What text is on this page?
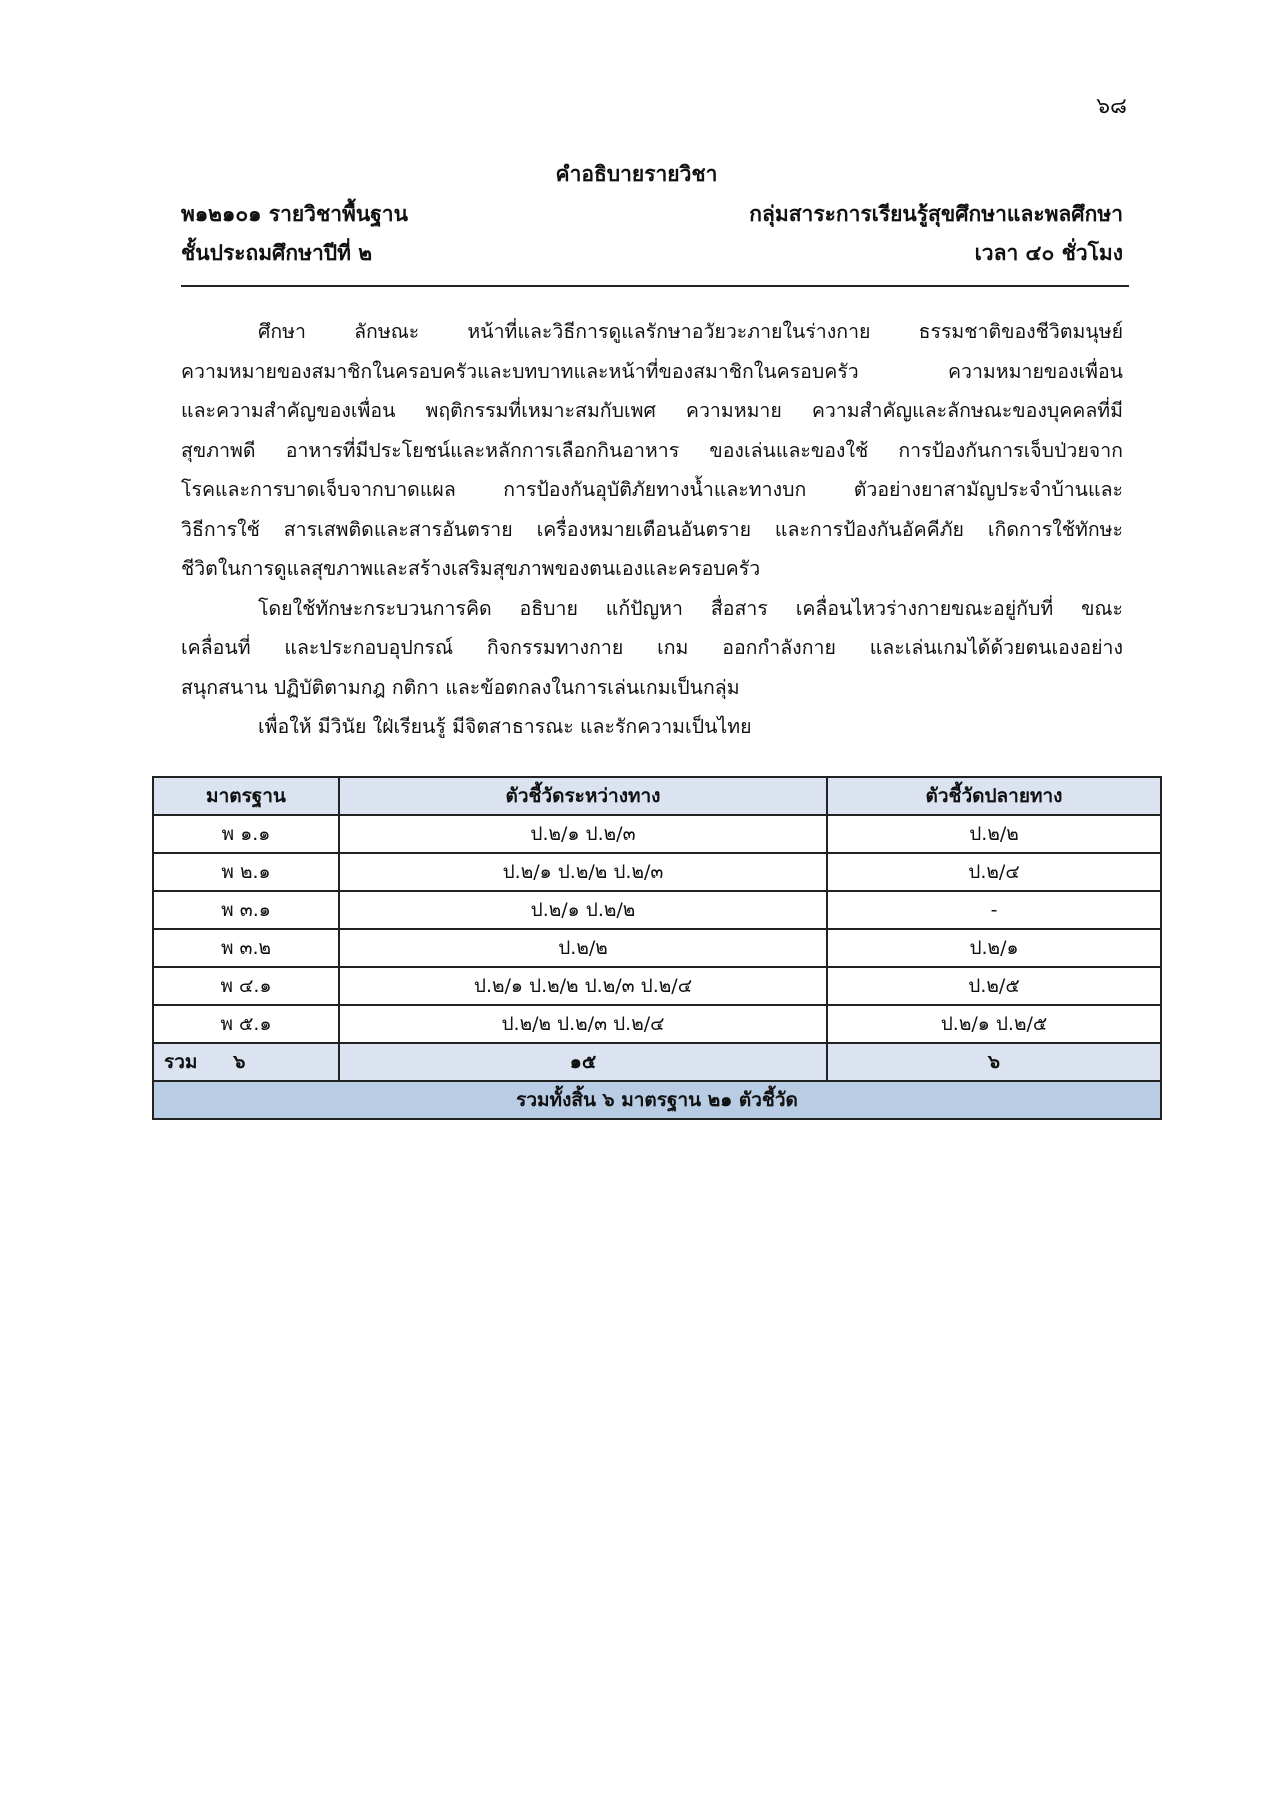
๖๘
คำอธิบายรายวิชา
พ๑๒๑๐๑ รายวิชาพื้นฐาน	กลุ่มสาระการเรียนรู้สุขศึกษาและพลศึกษา
ชั้นประถมศึกษาปีที่ ๒	เวลา ๔๐ ชั่วโมง
ศึกษา ลักษณะ หน้าที่และวิธีการดูแลรักษาอวัยวะภายในร่างกาย ธรรมชาติของชีวิตมนุษย์
ความหมายของสมาชิกในครอบครัวและบทบาทและหน้าที่ของสมาชิกในครอบครัว ความหมายของเพื่อน
และความสำคัญของเพื่อน พฤติกรรมที่เหมาะสมกับเพศ ความหมาย ความสำคัญและลักษณะของบุคคลที่มี
สุขภาพดี อาหารที่มีประโยชน์และหลักการเลือกกินอาหาร ของเล่นและของใช้ การป้องกันการเจ็บป่วยจาก
โรคและการบาดเจ็บจากบาดแผล การป้องกันอุบัติภัยทางน้ำและทางบก ตัวอย่างยาสามัญประจำบ้านและ
วิธีการใช้ สารเสพติดและสารอันตราย เครื่องหมายเตือนอันตราย และการป้องกันอัคคีภัย เกิดการใช้ทักษะ
ชีวิตในการดูแลสุขภาพและสร้างเสริมสุขภาพของตนเองและครอบครัว
โดยใช้ทักษะกระบวนการคิด อธิบาย แก้ปัญหา สื่อสาร เคลื่อนไหวร่างกายขณะอยู่กับที่ ขณะ
เคลื่อนที่ และประกอบอุปกรณ์ กิจกรรมทางกาย เกม ออกกำลังกาย และเล่นเกมได้ด้วยตนเองอย่าง
สนุกสนาน ปฏิบัติตามกฎ กติกา และข้อตกลงในการเล่นเกมเป็นกลุ่ม
เพื่อให้ มีวินัย ใฝ่เรียนรู้ มีจิตสาธารณะ และรักความเป็นไทย
มาตรฐาน	ตัวชี้วัดระหว่างทาง	ตัวชี้วัดปลายทาง
พ ๑.๑	ป.๒/๑ ป.๒/๓	ป.๒/๒
พ ๒.๑	ป.๒/๑ ป.๒/๒ ป.๒/๓	ป.๒/๔
พ ๓.๑	ป.๒/๑ ป.๒/๒	-
พ ๓.๒	ป.๒/๒	ป.๒/๑
พ ๔.๑	ป.๒/๑ ป.๒/๒ ป.๒/๓ ป.๒/๔	ป.๒/๕
พ ๕.๑	ป.๒/๒ ป.๒/๓ ป.๒/๔	ป.๒/๑ ป.๒/๕
รวม ๖	๑๕	๖
รวมทั้งสิ้น ๖ มาตรฐาน ๒๑ ตัวชี้วัด		
